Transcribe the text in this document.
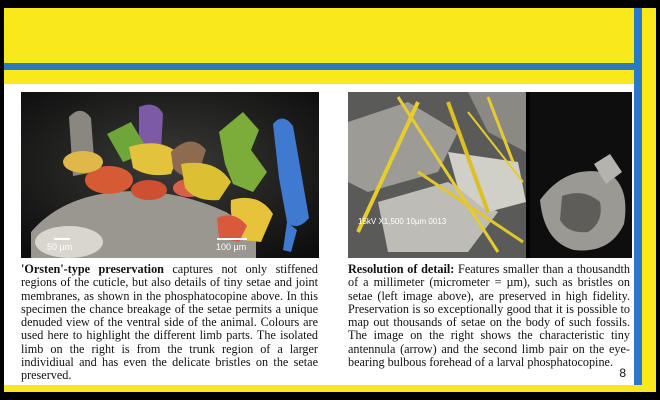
50 µm	100 µm
15kV X1,500 10μm 0013
'Orsten'-type preservation captures not only stiffened regions of the cuticle, but also details of tiny setae and joint membranes, as shown in the phosphatocopine above. In this specimen the chance breakage of the setae permits a unique denuded view of the ventral side of the animal. Colours are used here to highlight the different limb parts. The isolated limb on the right is from the trunk region of a larger individiual and has even the delicate bristles on the setae preserved.
Resolution of detail: Features smaller than a thousandth of a millimeter (micrometer = µm), such as bristles on setae (left image above), are preserved in high fidelity. Preservation is so exceptionally good that it is possible to map out thousands of setae on the body of such fossils. The image on the right shows the characteristic tiny antennula (arrow) and the second limb pair on the eye-bearing bulbous forehead of a larval phosphatocopine.
8
